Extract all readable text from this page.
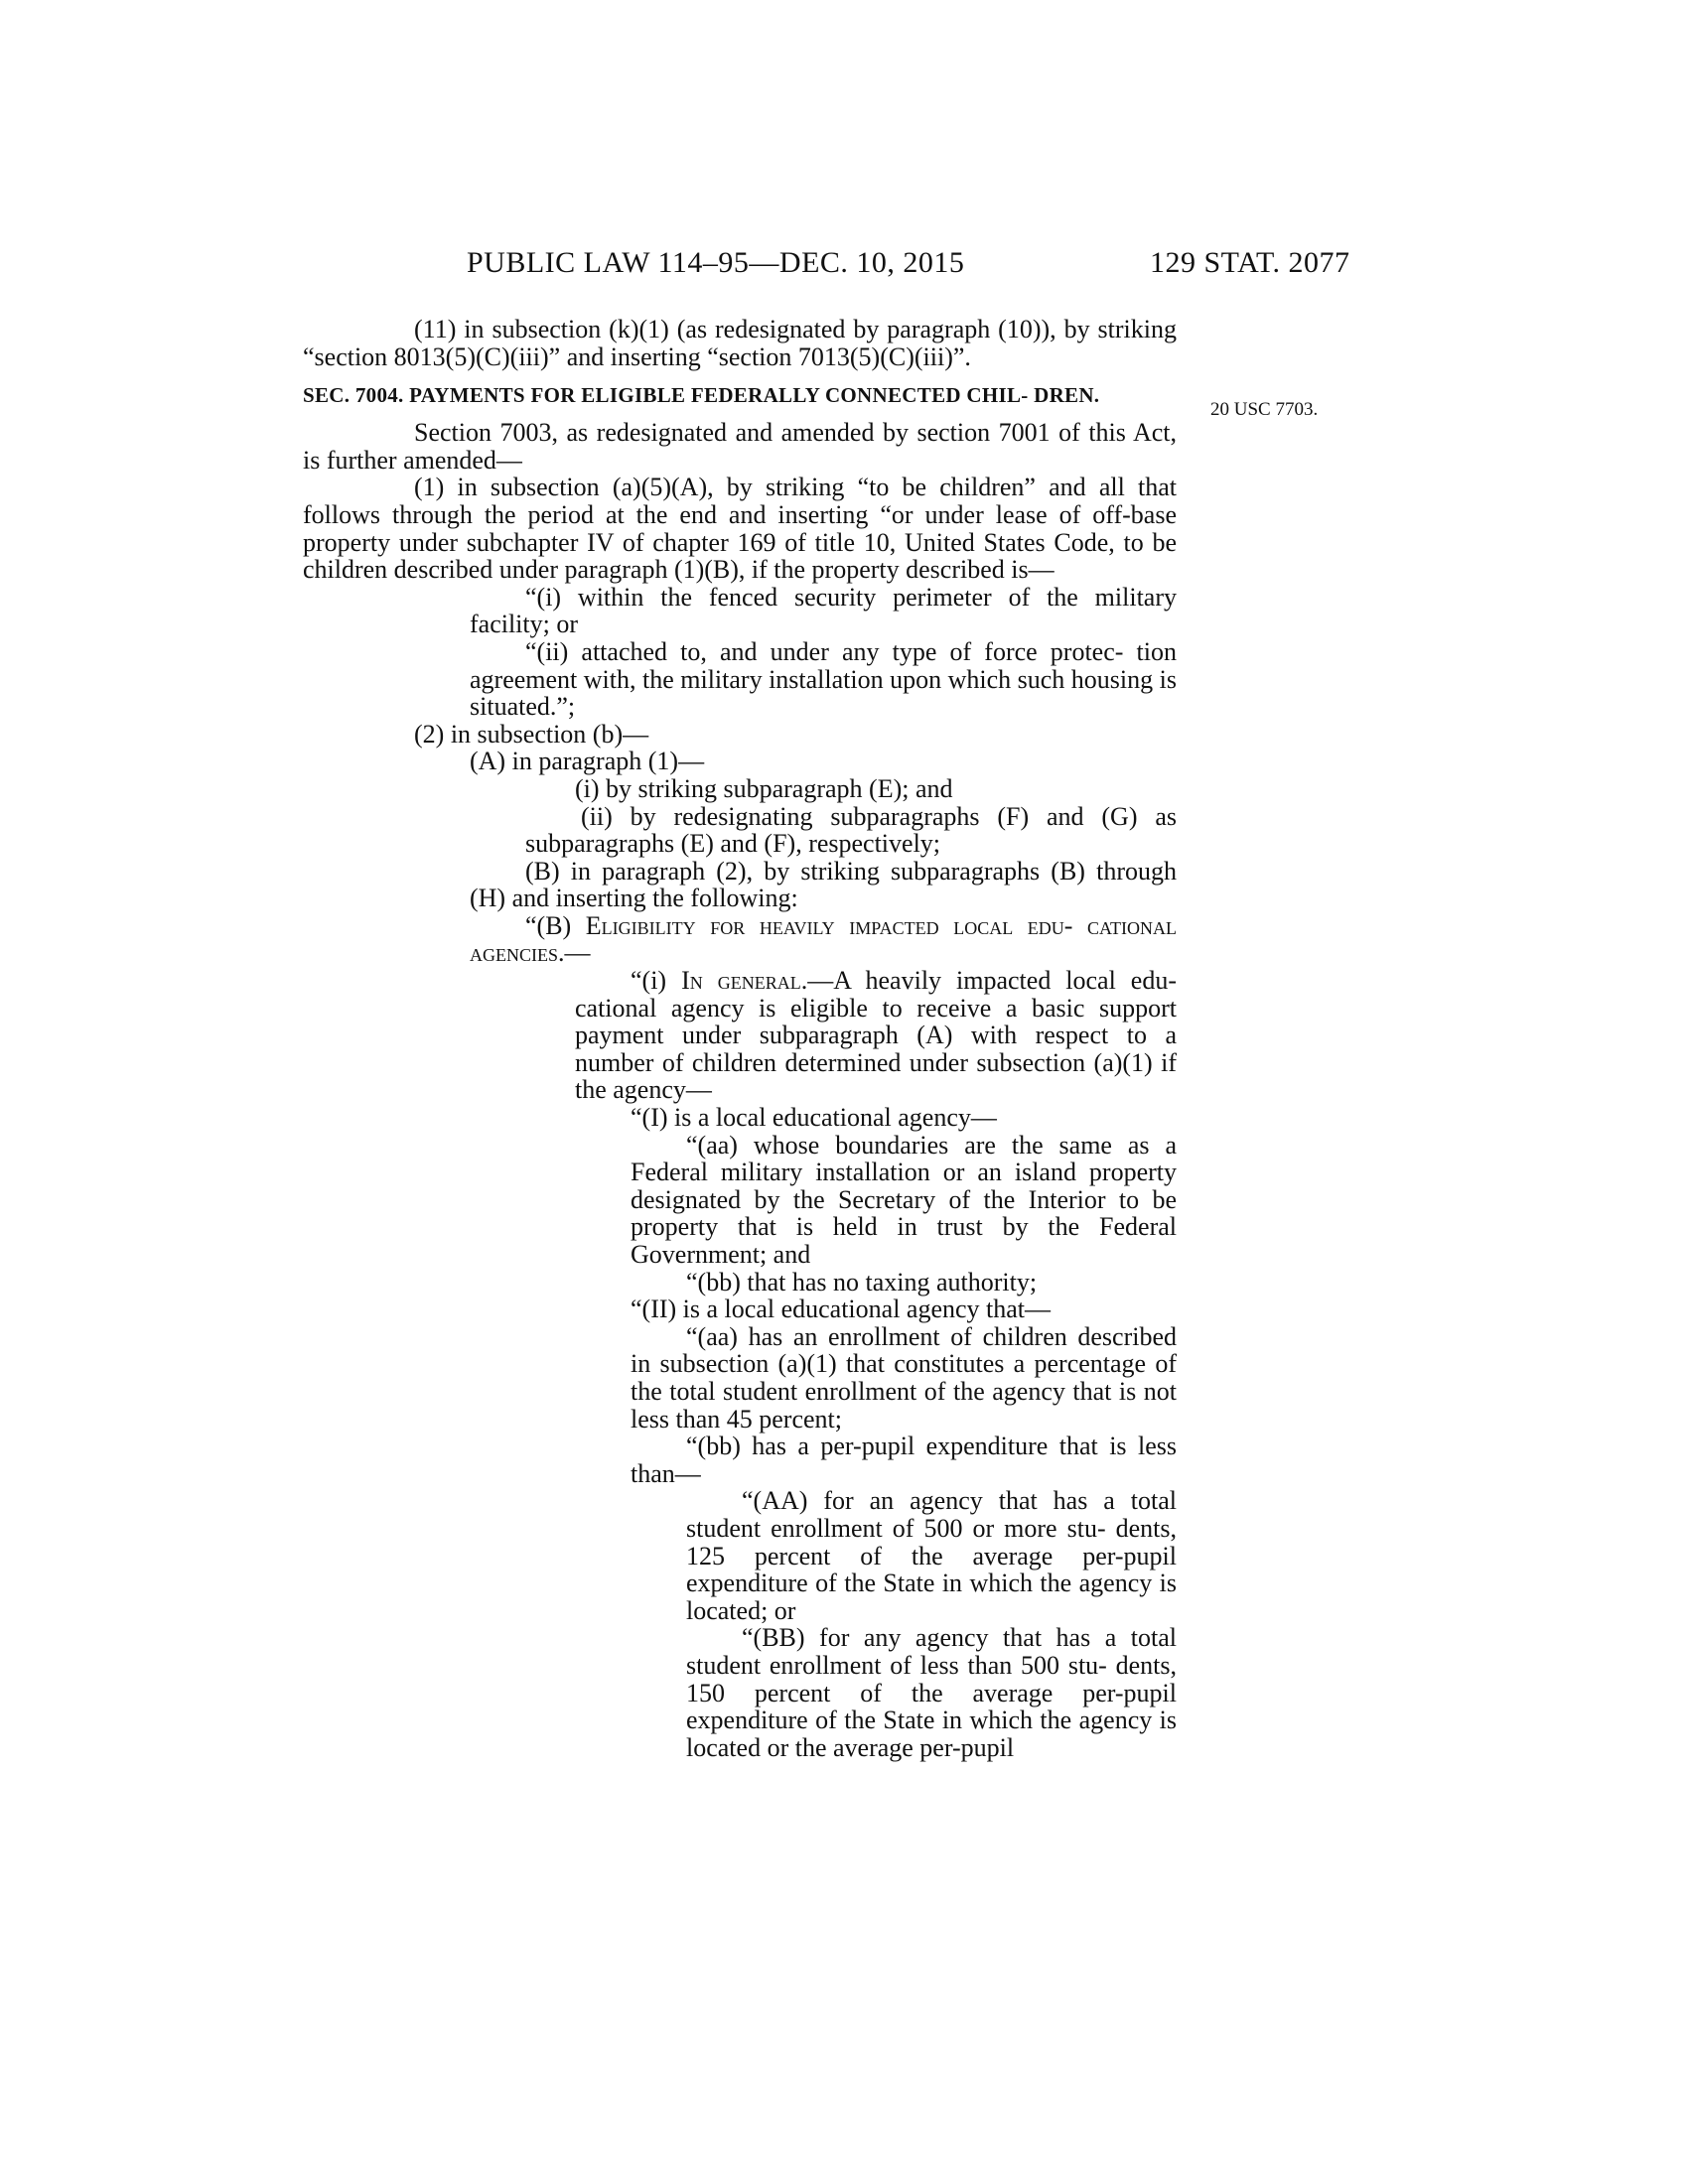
PUBLIC LAW 114–95—DEC. 10, 2015	129 STAT. 2077
20 USC 7703.

(11) in subsection (k)(1) (as redesignated by paragraph (10)), by striking “section 8013(5)(C)(iii)” and inserting “section 7013(5)(C)(iii)”.

SEC. 7004. PAYMENTS FOR ELIGIBLE FEDERALLY CONNECTED CHIL- DREN.

Section 7003, as redesignated and amended by section 7001 of this Act, is further amended—

(1) in subsection (a)(5)(A), by striking “to be children” and all that follows through the period at the end and inserting “or under lease of off-base property under subchapter IV of chapter 169 of title 10, United States Code, to be children described under paragraph (1)(B), if the property described is—

“(i) within the fenced security perimeter of the military facility; or

“(ii) attached to, and under any type of force protec- tion agreement with, the military installation upon which such housing is situated.”;

(2) in subsection (b)—

(A) in paragraph (1)—

(i) by striking subparagraph (E); and

(ii) by redesignating subparagraphs (F) and (G) as subparagraphs (E) and (F), respectively;

(B) in paragraph (2), by striking subparagraphs (B) through (H) and inserting the following:

“(B) Eligibility for heavily impacted local edu- cational agencies.—

“(i) In general.—A heavily impacted local edu- cational agency is eligible to receive a basic support payment under subparagraph (A) with respect to a number of children determined under subsection (a)(1) if the agency—

“(I) is a local educational agency—

“(aa) whose boundaries are the same as a Federal military installation or an island property designated by the Secretary of the Interior to be property that is held in trust by the Federal Government; and

“(bb) that has no taxing authority;

“(II) is a local educational agency that—

“(aa) has an enrollment of children described in subsection (a)(1) that constitutes a percentage of the total student enrollment of the agency that is not less than 45 percent;

“(bb) has a per-pupil expenditure that is less than—

“(AA) for an agency that has a total student enrollment of 500 or more stu- dents, 125 percent of the average per-pupil expenditure of the State in which the agency is located; or

“(BB) for any agency that has a total student enrollment of less than 500 stu- dents, 150 percent of the average per-pupil expenditure of the State in which the agency is located or the average per-pupil
